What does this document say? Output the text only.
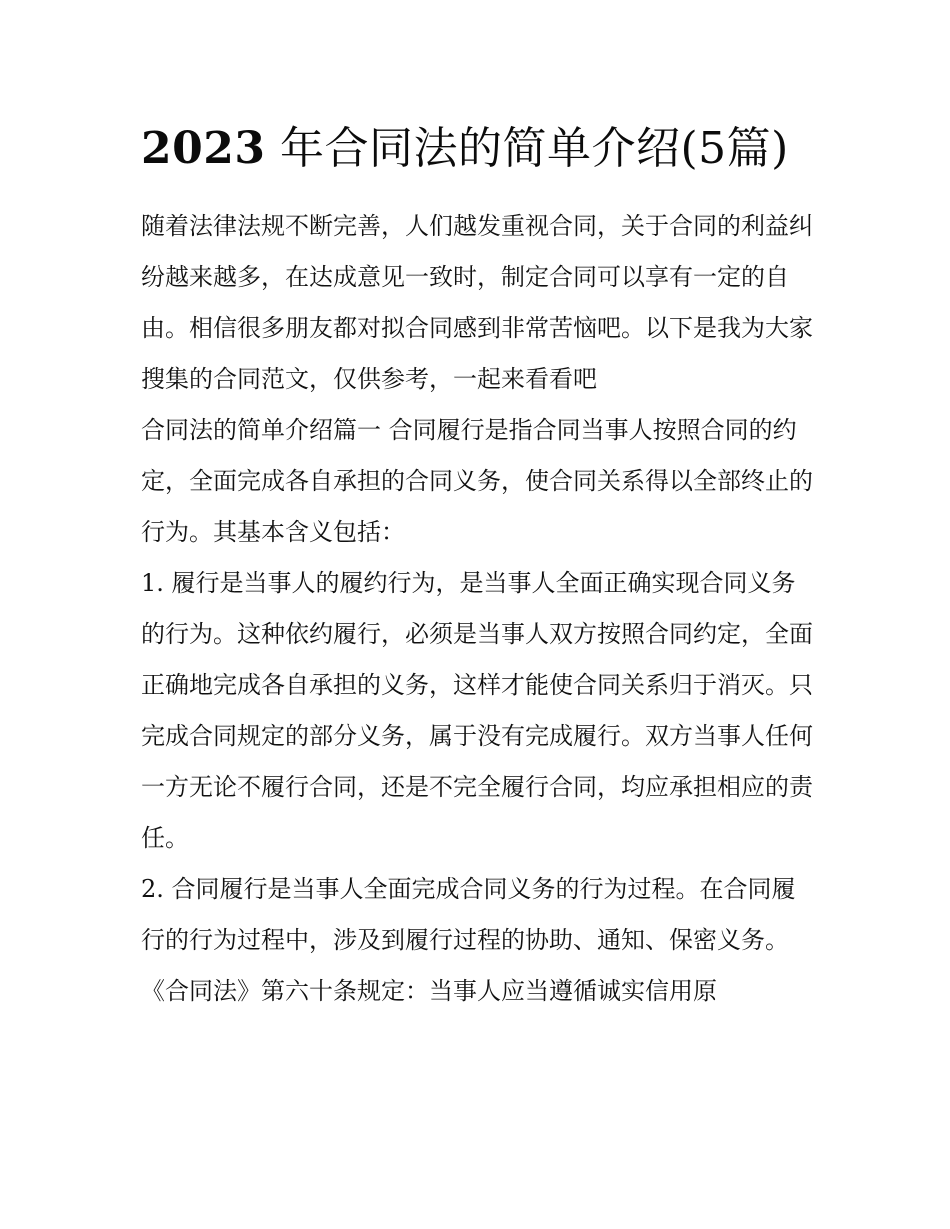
2023 年合同法的简单介绍(5篇)

随着法律法规不断完善，人们越发重视合同，关于合同的利益纠纷越来越多，在达成意见一致时，制定合同可以享有一定的自由。相信很多朋友都对拟合同感到非常苦恼吧。以下是我为大家搜集的合同范文，仅供参考，一起来看看吧

合同法的简单介绍篇一 合同履行是指合同当事人按照合同的约定，全面完成各自承担的合同义务，使合同关系得以全部终止的行为。其基本含义包括：

1. 履行是当事人的履约行为，是当事人全面正确实现合同义务的行为。这种依约履行，必须是当事人双方按照合同约定，全面正确地完成各自承担的义务，这样才能使合同关系归于消灭。只完成合同规定的部分义务，属于没有完成履行。双方当事人任何一方无论不履行合同，还是不完全履行合同，均应承担相应的责任。

2. 合同履行是当事人全面完成合同义务的行为过程。在合同履行的行为过程中，涉及到履行过程的协助、通知、保密义务。《合同法》第六十条规定：当事人应当遵循诚实信用原
